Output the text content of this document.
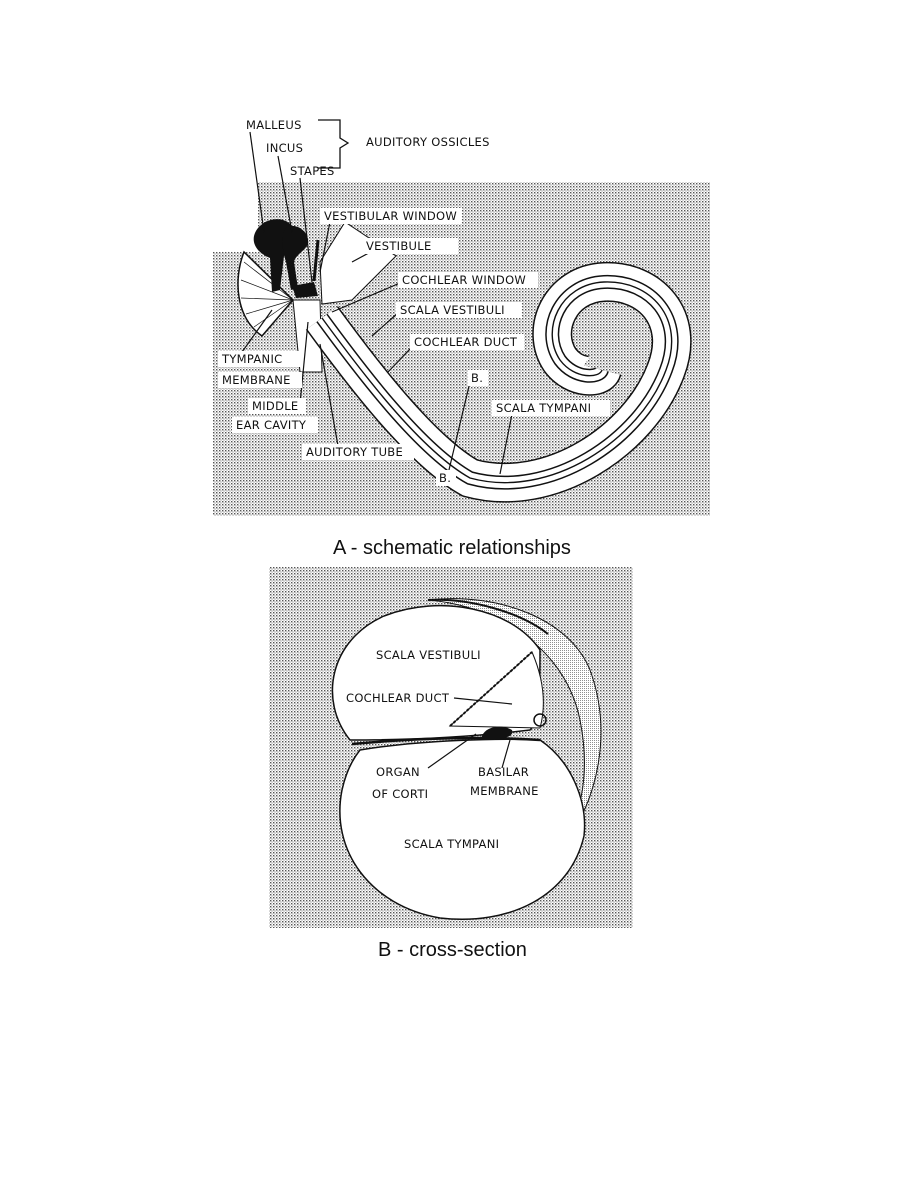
MALLEUS
INCUS
STAPES
AUDITORY OSSICLES
VESTIBULAR WINDOW
VESTIBULE
COCHLEAR WINDOW
SCALA VESTIBULI
COCHLEAR DUCT
TYMPANIC
MEMBRANE
MIDDLE
EAR CAVITY
AUDITORY TUBE
B.
B.
SCALA TYMPANI
A - schematic relationships
SCALA VESTIBULI
COCHLEAR DUCT
ORGAN
OF CORTI
BASILAR
MEMBRANE
SCALA TYMPANI
B - cross-section
